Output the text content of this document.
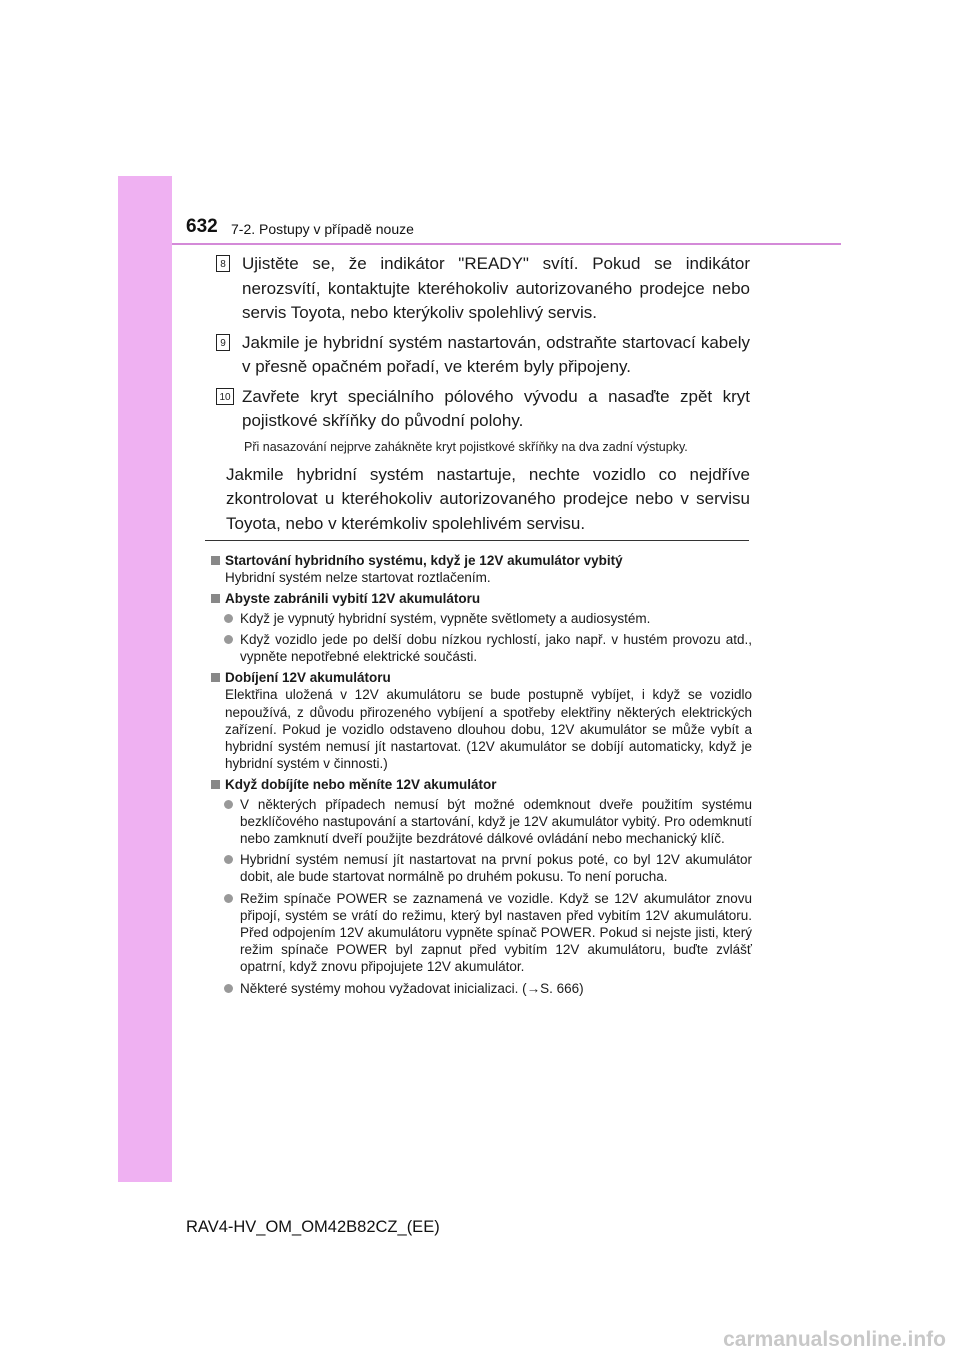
632 7-2. Postupy v případě nouze
8 Ujistěte se, že indikátor "READY" svítí. Pokud se indikátor nerozsvítí, kontaktujte kteréhokoliv autorizovaného prodejce nebo servis Toyota, nebo kterýkoliv spolehlivý servis.
9 Jakmile je hybridní systém nastartován, odstraňte startovací kabely v přesně opačném pořadí, ve kterém byly připojeny.
10 Zavřete kryt speciálního pólového vývodu a nasaďte zpět kryt pojistkové skříňky do původní polohy.
Při nasazování nejprve zahákněte kryt pojistkové skříňky na dva zadní výstupky.
Jakmile hybridní systém nastartuje, nechte vozidlo co nejdříve zkontrolovat u kteréhokoliv autorizovaného prodejce nebo v servisu Toyota, nebo v kterémkoliv spolehlivém servisu.
Startování hybridního systému, když je 12V akumulátor vybitý
Hybridní systém nelze startovat roztlačením.
Abyste zabránili vybití 12V akumulátoru
Když je vypnutý hybridní systém, vypněte světlomety a audiosystém.
Když vozidlo jede po delší dobu nízkou rychlostí, jako např. v hustém provozu atd., vypněte nepotřebné elektrické součásti.
Dobíjení 12V akumulátoru
Elektřina uložená v 12V akumulátoru se bude postupně vybíjet, i když se vozidlo nepoužívá, z důvodu přirozeného vybíjení a spotřeby elektřiny některých elektrických zařízení. Pokud je vozidlo odstaveno dlouhou dobu, 12V akumulátor se může vybít a hybridní systém nemusí jít nastartovat. (12V akumulátor se dobíjí automaticky, když je hybridní systém v činnosti.)
Když dobíjíte nebo měníte 12V akumulátor
V některých případech nemusí být možné odemknout dveře použitím systému bezklíčového nastupování a startování, když je 12V akumulátor vybitý. Pro odemknutí nebo zamknutí dveří použijte bezdrátové dálkové ovládání nebo mechanický klíč.
Hybridní systém nemusí jít nastartovat na první pokus poté, co byl 12V akumulátor dobit, ale bude startovat normálně po druhém pokusu. To není porucha.
Režim spínače POWER se zaznamená ve vozidle. Když se 12V akumulátor znovu připojí, systém se vrátí do režimu, který byl nastaven před vybitím 12V akumulátoru. Před odpojením 12V akumulátoru vypněte spínač POWER. Pokud si nejste jisti, který režim spínače POWER byl zapnut před vybitím 12V akumulátoru, buďte zvlášť opatrní, když znovu připojujete 12V akumulátor.
Některé systémy mohou vyžadovat inicializaci. (→S. 666)
RAV4-HV_OM_OM42B82CZ_(EE)
carmanualsonline.info
